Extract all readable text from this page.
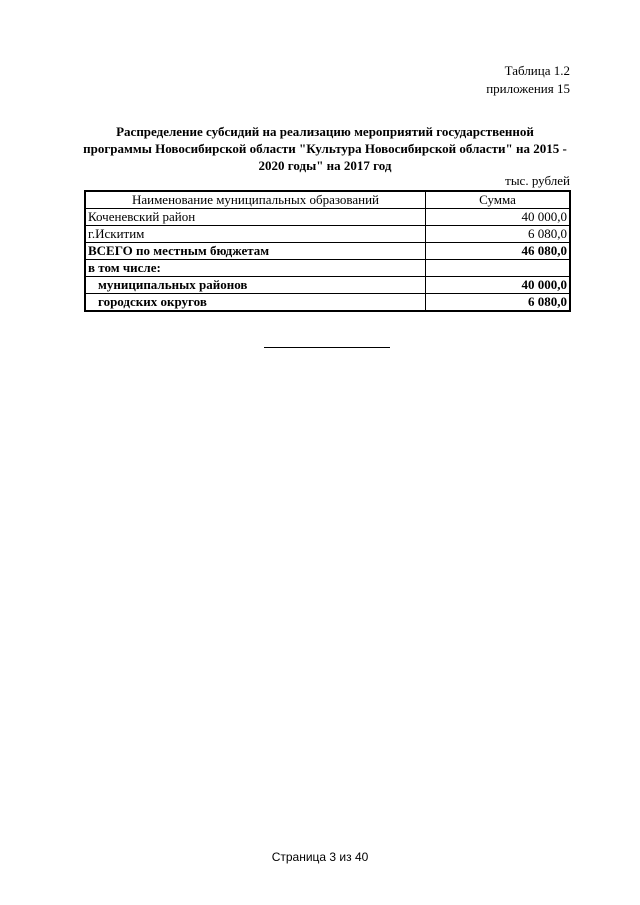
Таблица 1.2
приложения 15
Распределение субсидий на реализацию мероприятий государственной
программы Новосибирской области "Культура Новосибирской области" на 2015 -
2020 годы" на 2017 год
тыс. рублей
Наименование муниципальных образований	Сумма
Коченевский район	40 000,0
г.Искитим	6 080,0
ВСЕГО по местным бюджетам	46 080,0
в том числе:	
муниципальных районов	40 000,0
городских округов	6 080,0
Страница 3 из 40
